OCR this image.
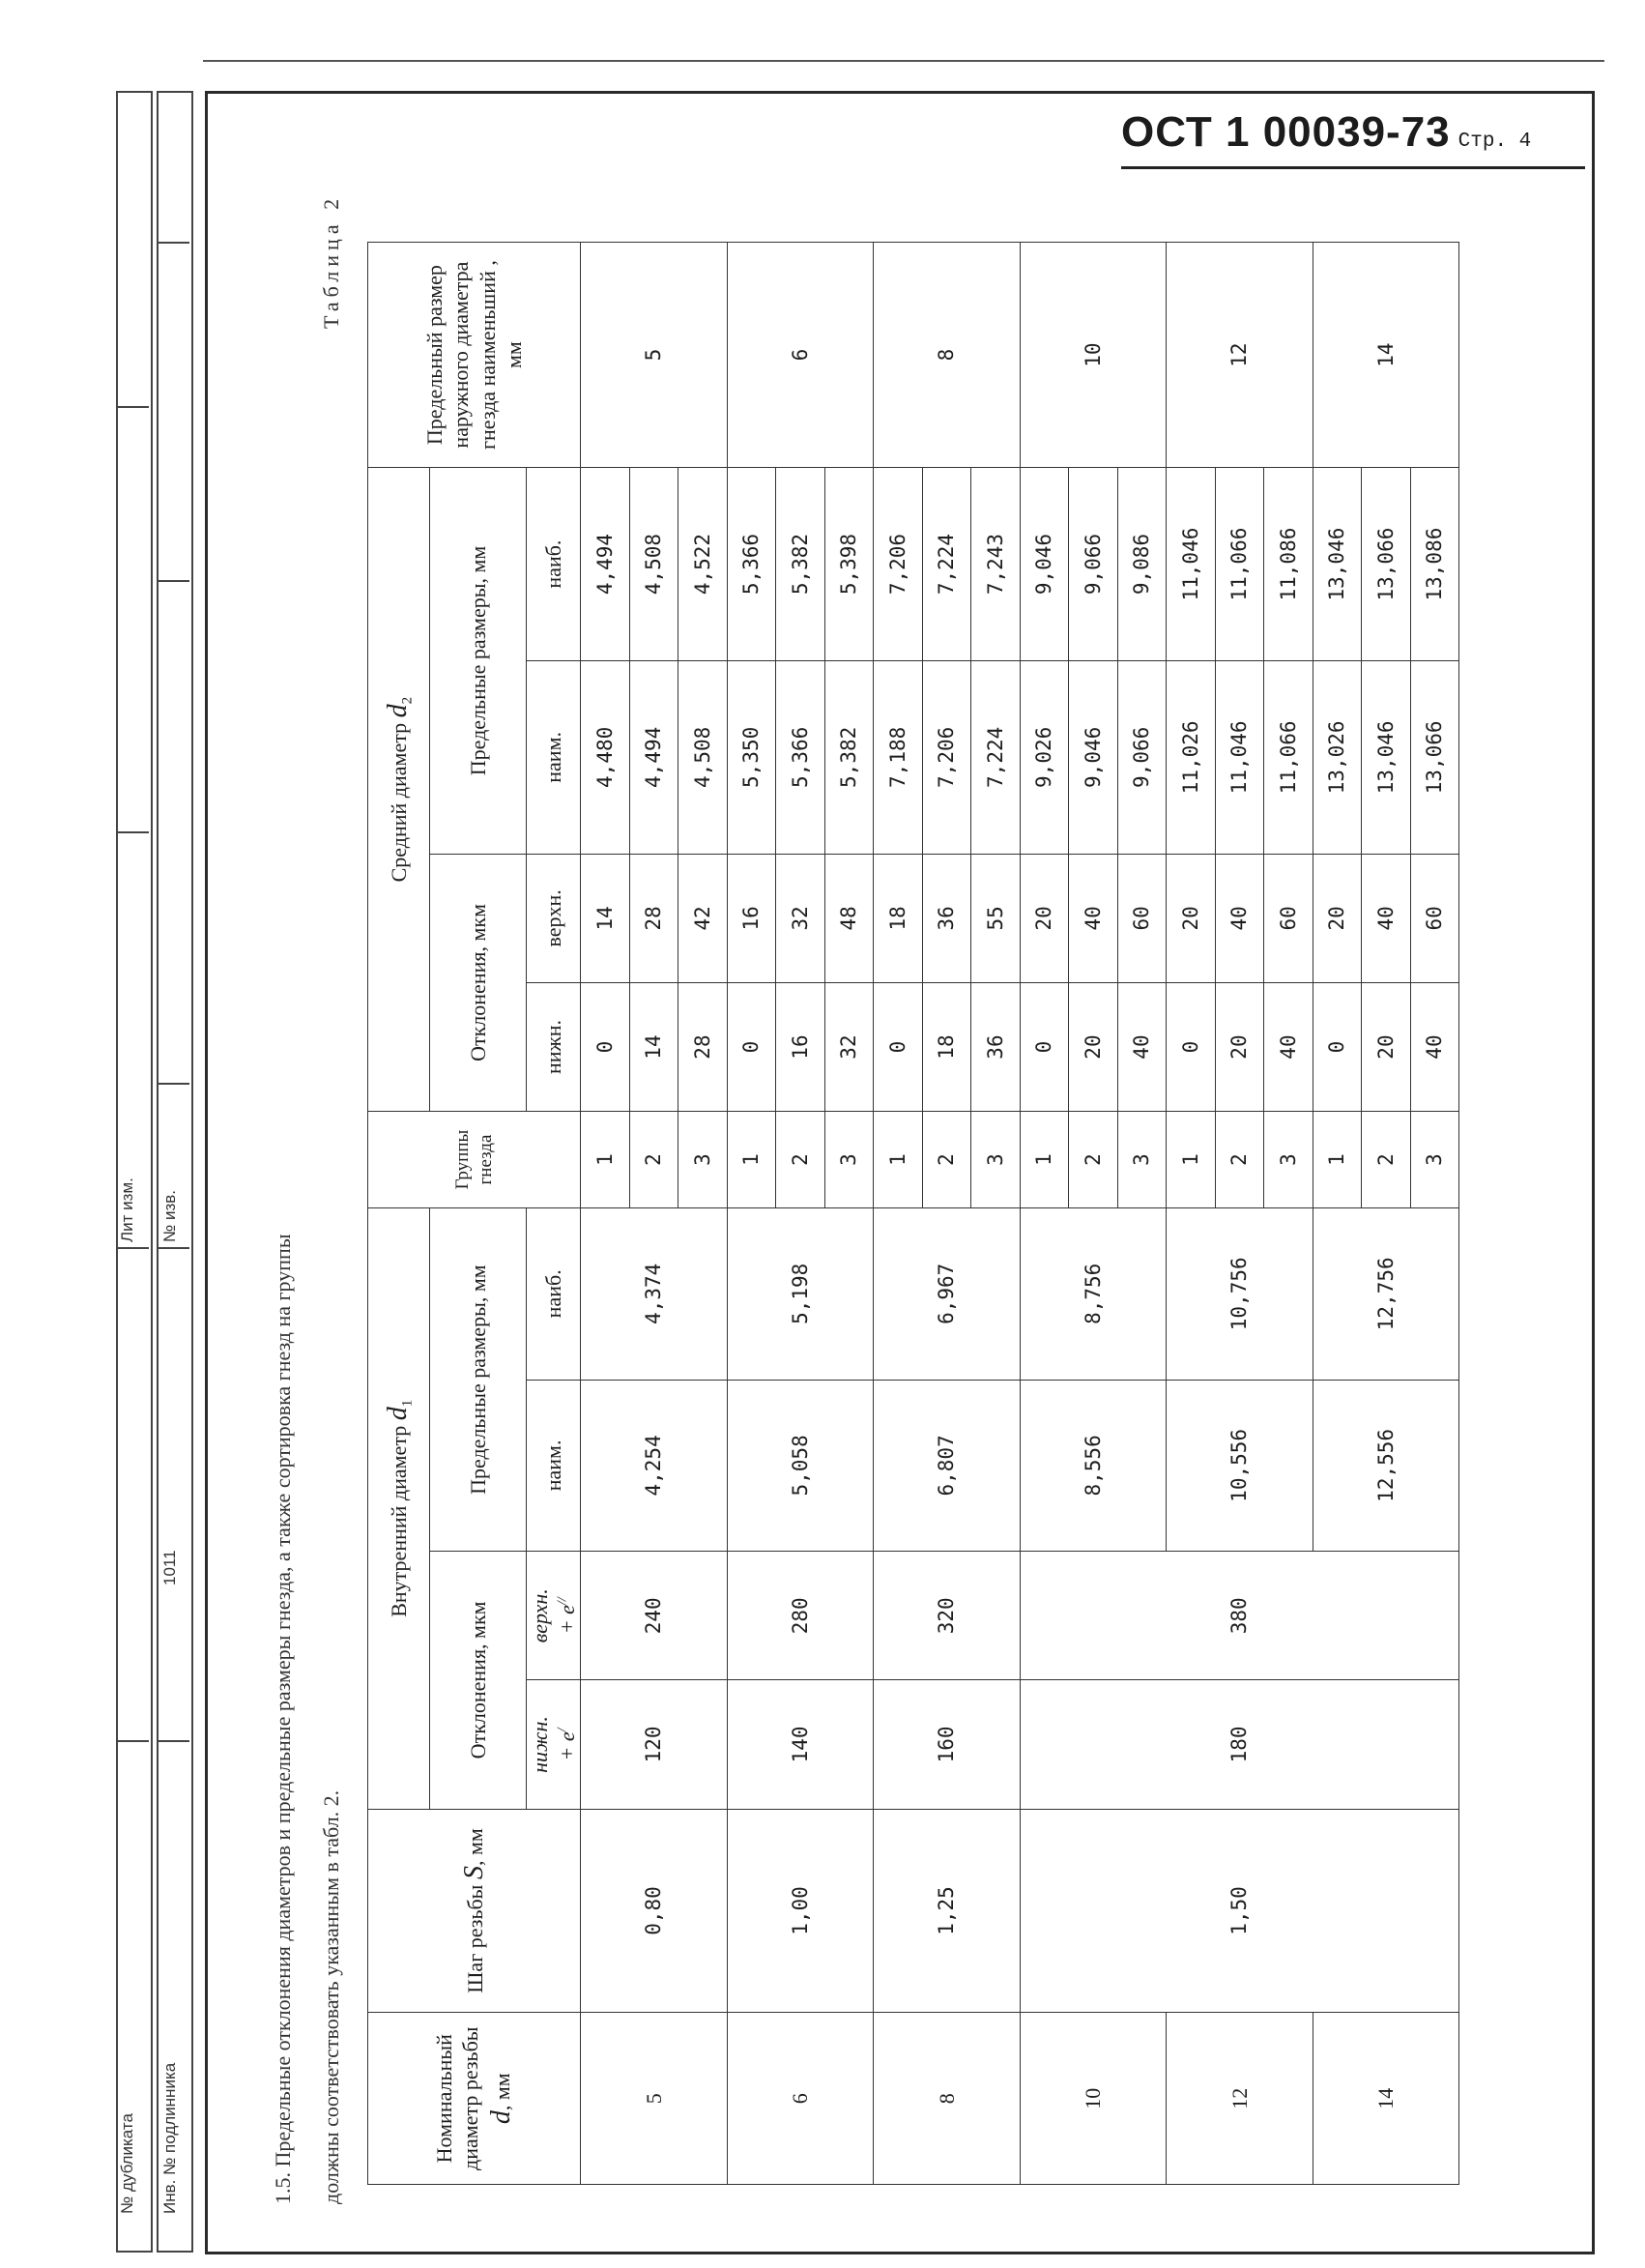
№ дубликата Инв. № подлинника
1011
Лит изм. № изв.
ОСТ 1 00039-73 Стр. 4
1.5. Предельные отклонения диаметров и предельные размеры гнезда, а также сортировка гнезд на группы должны соответствовать указанным в табл. 2.
Таблица 2
Номинальный диаметр резьбы d, мм	Шаг резьбы S, мм	Внутренний диаметр $d_1$				Группы гнезда	Средний диаметр $d_2$				Предельный размер наружного диаметра гнезда наименьший , мм
		Отклонения, мкм		Предельные размеры, мм			Отклонения, мкм		Предельные размеры, мм		
		нижн. + e/	верхн. + e//	наим.	наиб.		нижн.	верхн.	наим.	наиб.	
5	0,80	120	240	4,254	4,374	1	0	14	4,480	4,494	5
						2	14	28	4,494	4,508	
						3	28	42	4,508	4,522	
6	1,00	140	280	5,058	5,198	1	0	16	5,350	5,366	6
						2	16	32	5,366	5,382	
						3	32	48	5,382	5,398	
8	1,25	160	320	6,807	6,967	1	0	18	7,188	7,206	8
						2	18	36	7,206	7,224	
						3	36	55	7,224	7,243	
10	1,50	180	380	8,556	8,756	1	0	20	9,026	9,046	10
						2	20	40	9,046	9,066	
						3	40	60	9,066	9,086	
12				10,556	10,756	1	0	20	11,026	11,046	12
						2	20	40	11,046	11,066	
						3	40	60	11,066	11,086	
14				12,556	12,756	1	0	20	13,026	13,046	14
						2	20	40	13,046	13,066	
						3	40	60	13,066	13,086	
